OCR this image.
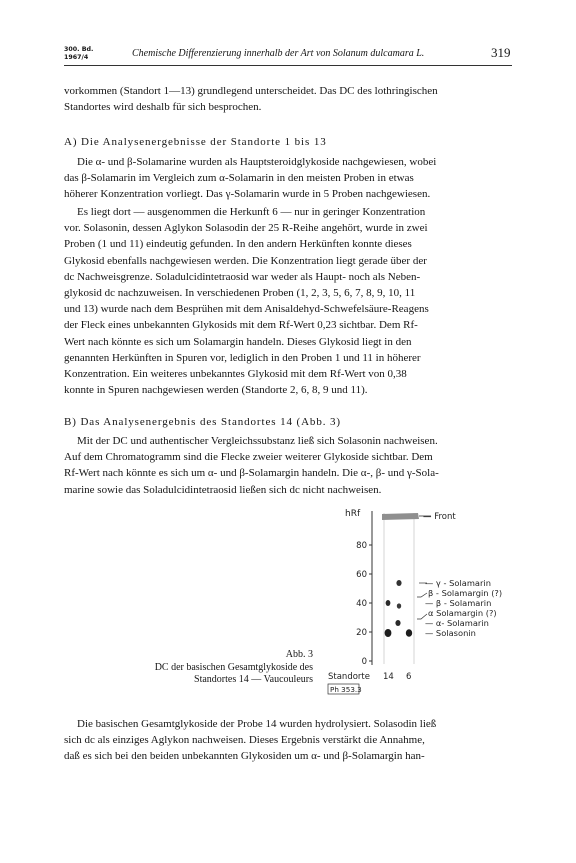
300. Bd.
1967/4	Chemische Differenzierung innerhalb der Art von Solanum dulcamara L.	319

vorkommen (Standort 1—13) grundlegend unterscheidet. Das DC des lothringischen

Standortes wird deshalb für sich besprochen.

A) Die Analysenergebnisse der Standorte 1 bis 13

Die α- und β-Solamarine wurden als Hauptsteroidglykoside nachgewiesen, wobei

das β-Solamarin im Vergleich zum α-Solamarin in den meisten Proben in etwas

höherer Konzentration vorliegt. Das γ-Solamarin wurde in 5 Proben nachgewiesen.

Es liegt dort — ausgenommen die Herkunft 6 — nur in geringer Konzentration

vor. Solasonin, dessen Aglykon Solasodin der 25 R-Reihe angehört, wurde in zwei

Proben (1 und 11) eindeutig gefunden. In den andern Herkünften konnte dieses

Glykosid ebenfalls nachgewiesen werden. Die Konzentration liegt gerade über der

dc Nachweisgrenze. Soladulcidintetraosid war weder als Haupt- noch als Neben-

glykosid dc nachzuweisen. In verschiedenen Proben (1, 2, 3, 5, 6, 7, 8, 9, 10, 11

und 13) wurde nach dem Besprühen mit dem Anisaldehyd-Schwefelsäure-Reagens

der Fleck eines unbekannten Glykosids mit dem Rf-Wert 0,23 sichtbar. Dem Rf-

Wert nach könnte es sich um Solamargin handeln. Dieses Glykosid liegt in den

genannten Herkünften in Spuren vor, lediglich in den Proben 1 und 11 in höherer

Konzentration. Ein weiteres unbekanntes Glykosid mit dem Rf-Wert von 0,38

konnte in Spuren nachgewiesen werden (Standorte 2, 6, 8, 9 und 11).

B) Das Analysenergebnis des Standortes 14 (Abb. 3)

Mit der DC und authentischer Vergleichssubstanz ließ sich Solasonin nachweisen.

Auf dem Chromatogramm sind die Flecke zweier weiterer Glykoside sichtbar. Dem

Rf-Wert nach könnte es sich um α- und β-Solamargin handeln. Die α-, β- und γ-Sola-

marine sowie das Soladulcidintetraosid ließen sich dc nicht nachweisen.

hRf
0
20
40
60
80
— Front
— γ - Solamarin
β - Solamargin (?)
— β - Solamarin
α Solamargin (?)
— α- Solamarin
— Solasonin
Standorte 14 6
Ph 353.3
Abb. 3
DC der basischen Gesamtglykoside des
Standortes 14 — Vaucouleurs

Die basischen Gesamtglykoside der Probe 14 wurden hydrolysiert. Solasodin ließ

sich dc als einziges Aglykon nachweisen. Dieses Ergebnis verstärkt die Annahme,

daß es sich bei den beiden unbekannten Glykosiden um α- und β-Solamargin han-
